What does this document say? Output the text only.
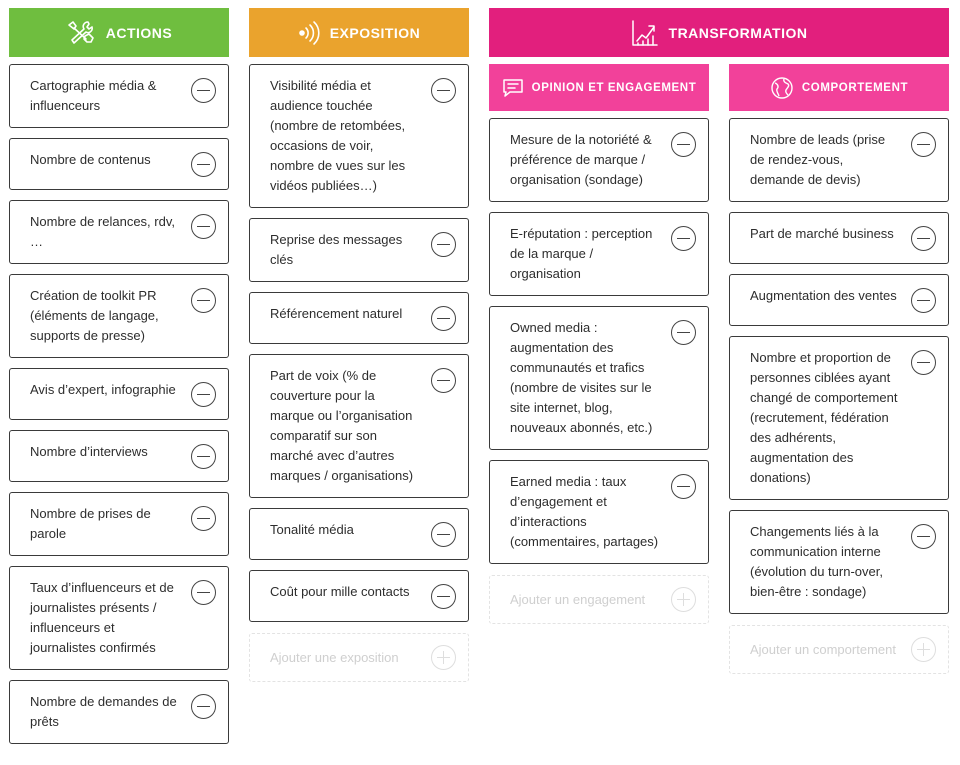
ACTIONS
Cartographie média & influenceurs
Nombre de contenus
Nombre de relances, rdv, …
Création de toolkit PR (éléments de langage, supports de presse)
Avis d’expert, infographie
Nombre d’interviews
Nombre de prises de parole
Taux d’influenceurs et de journalistes présents / influenceurs et journalistes confirmés
Nombre de demandes de prêts
EXPOSITION
Visibilité média et audience touchée (nombre de retombées, occasions de voir, nombre de vues sur les vidéos publiées…)
Reprise des messages clés
Référencement naturel
Part de voix (% de couverture pour la marque ou l’organisation comparatif sur son marché avec d’autres marques / organisations)
Tonalité média
Coût pour mille contacts
Ajouter une exposition
TRANSFORMATION
OPINION ET ENGAGEMENT
Mesure de la notoriété & préférence de marque / organisation (sondage)
E-réputation : perception de la marque / organisation
Owned media : augmentation des communautés et trafics (nombre de visites sur le site internet, blog, nouveaux abonnés, etc.)
Earned media : taux d’engagement et d’interactions (commentaires, partages)
Ajouter un engagement
COMPORTEMENT
Nombre de leads (prise de rendez-vous, demande de devis)
Part de marché business
Augmentation des ventes
Nombre et proportion de personnes ciblées ayant changé de comportement (recrutement, fédération des adhérents, augmentation des donations)
Changements liés à la communication interne (évolution du turn-over, bien-être : sondage)
Ajouter un comportement
